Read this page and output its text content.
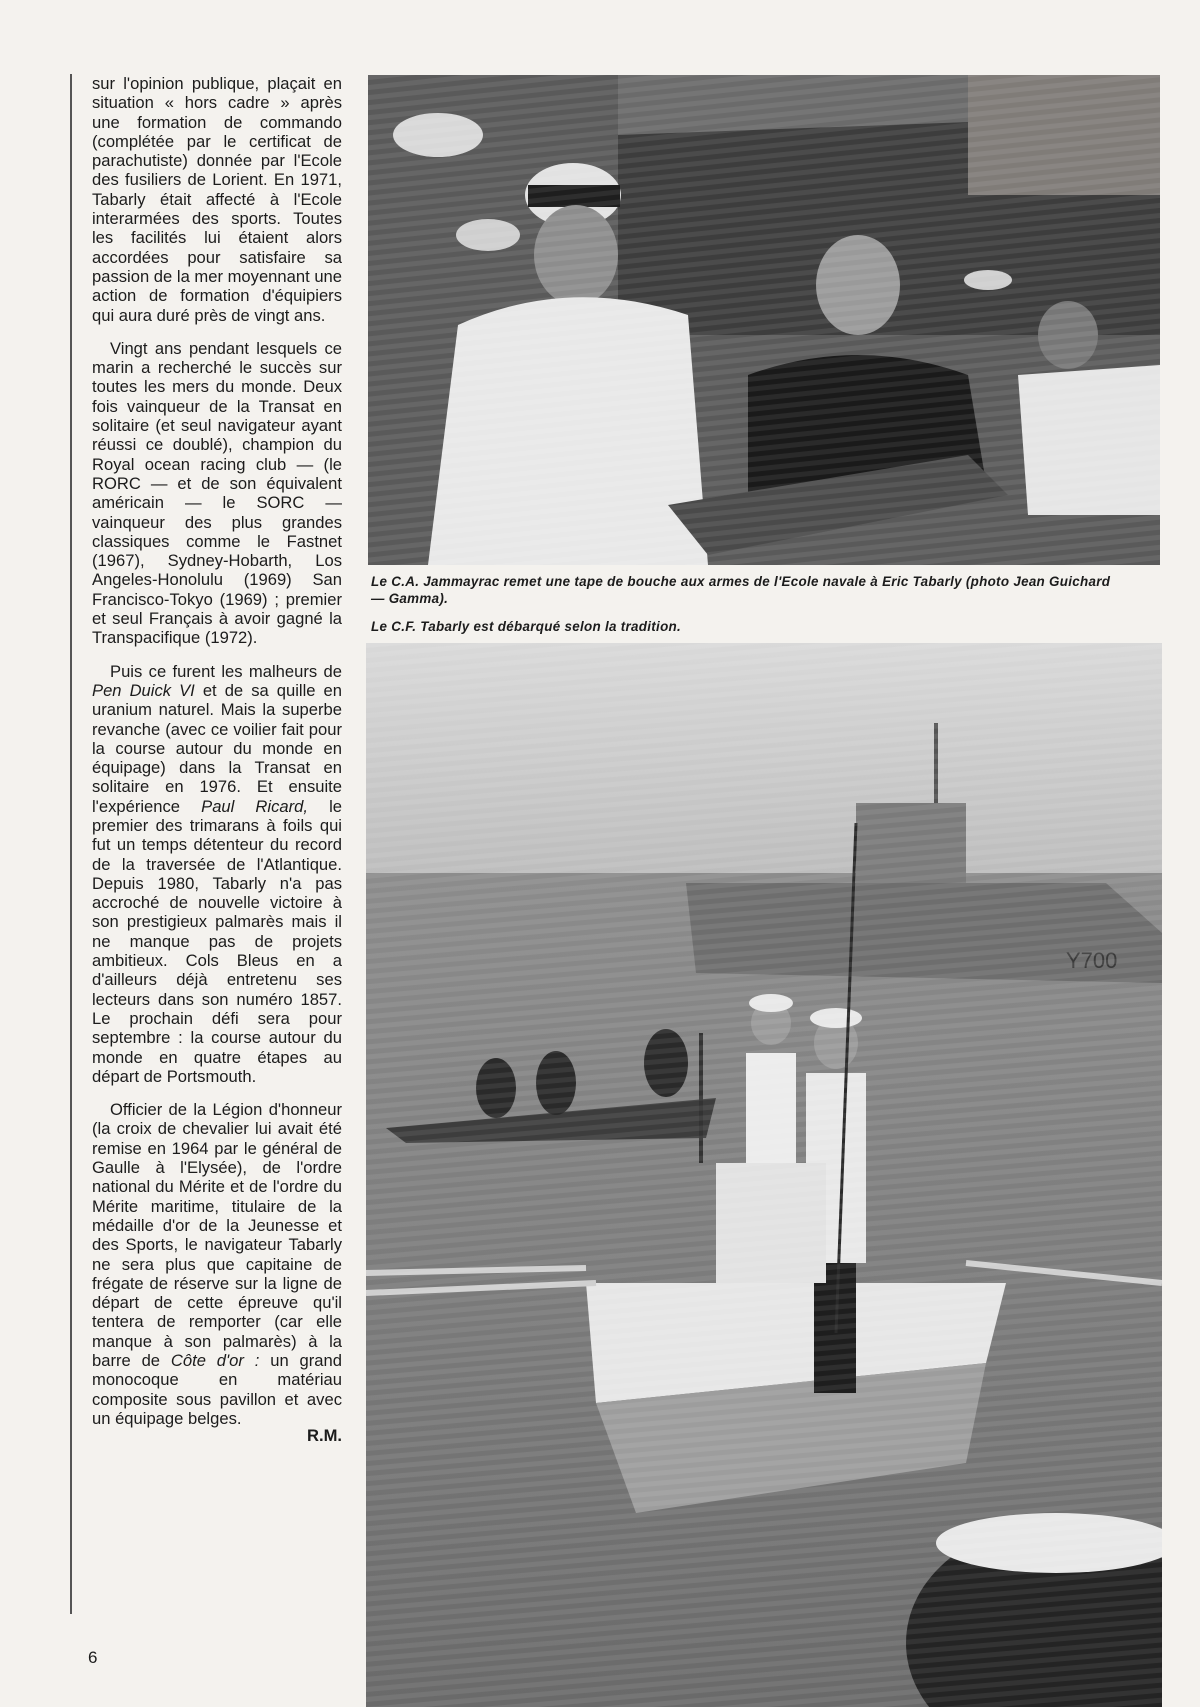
sur l'opinion publique, plaçait en situation « hors cadre » après une formation de commando (complétée par le certificat de parachutiste) donnée par l'Ecole des fusiliers de Lorient. En 1971, Tabarly était affecté à l'Ecole interarmées des sports. Toutes les facilités lui étaient alors accordées pour satisfaire sa passion de la mer moyennant une action de formation d'équipiers qui aura duré près de vingt ans.

Vingt ans pendant lesquels ce marin a recherché le succès sur toutes les mers du monde. Deux fois vainqueur de la Transat en solitaire (et seul navigateur ayant réussi ce doublé), champion du Royal ocean racing club — (le RORC — et de son équivalent américain — le SORC — vainqueur des plus grandes classiques comme le Fastnet (1967), Sydney-Hobarth, Los Angeles-Honolulu (1969) San Francisco-Tokyo (1969) ; premier et seul Français à avoir gagné la Transpacifique (1972).

Puis ce furent les malheurs de Pen Duick VI et de sa quille en uranium naturel. Mais la superbe revanche (avec ce voilier fait pour la course autour du monde en équipage) dans la Transat en solitaire en 1976. Et ensuite l'expérience Paul Ricard, le premier des trimarans à foils qui fut un temps détenteur du record de la traversée de l'Atlantique. Depuis 1980, Tabarly n'a pas accroché de nouvelle victoire à son prestigieux palmarès mais il ne manque pas de projets ambitieux. Cols Bleus en a d'ailleurs déjà entretenu ses lecteurs dans son numéro 1857. Le prochain défi sera pour septembre : la course autour du monde en quatre étapes au départ de Portsmouth.

Officier de la Légion d'honneur (la croix de chevalier lui avait été remise en 1964 par le général de Gaulle à l'Elysée), de l'ordre national du Mérite et de l'ordre du Mérite maritime, titulaire de la médaille d'or de la Jeunesse et des Sports, le navigateur Tabarly ne sera plus que capitaine de frégate de réserve sur la ligne de départ de cette épreuve qu'il tentera de remporter (car elle manque à son palmarès) à la barre de Côte d'or : un grand monocoque en matériau composite sous pavillon et avec un équipage belges.
R.M.

6
Le C.A. Jammayrac remet une tape de bouche aux armes de l'Ecole navale à Eric Tabarly (photo Jean Guichard — Gamma).
Le C.F. Tabarly est débarqué selon la tradition.
